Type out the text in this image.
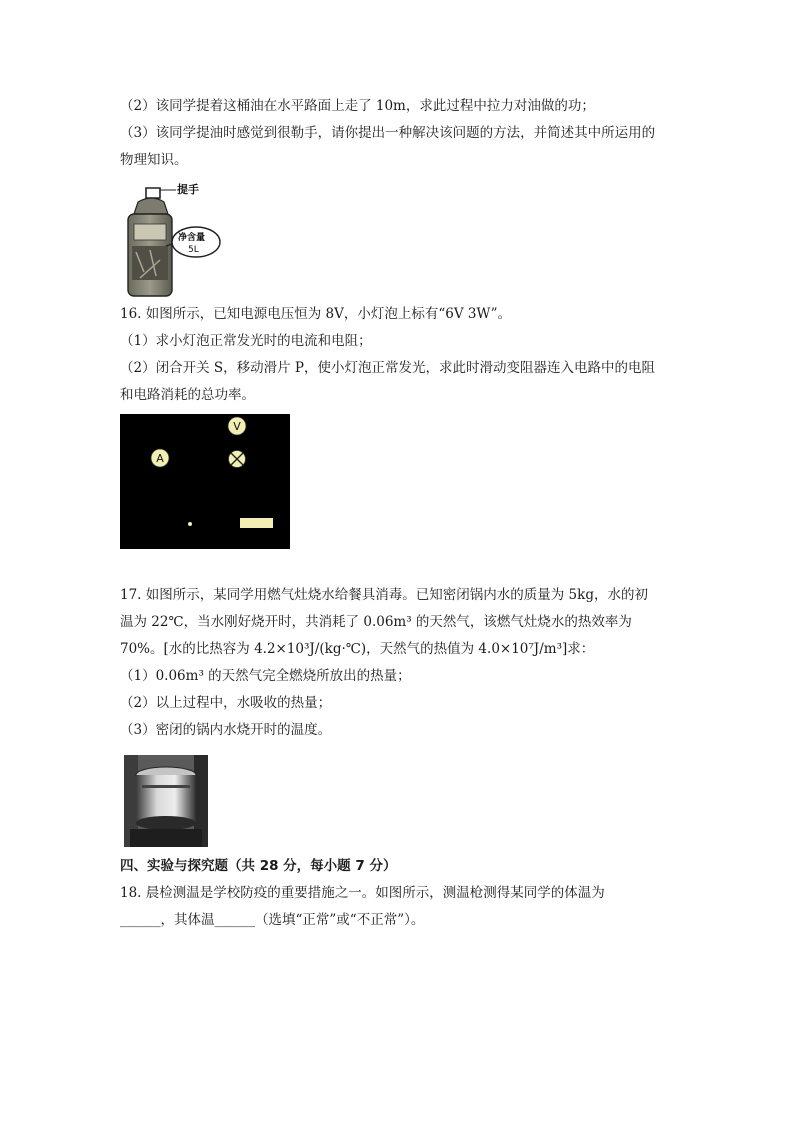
（2）该同学提着这桶油在水平路面上走了 10m，求此过程中拉力对油做的功；
（3）该同学提油时感觉到很勒手，请你提出一种解决该问题的方法，并简述其中所运用的
物理知识。
提手
净含量
5L
16. 如图所示，已知电源电压恒为 8V，小灯泡上标有“6V 3W”。
（1）求小灯泡正常发光时的电流和电阻；
（2）闭合开关 S，移动滑片 P，使小灯泡正常发光，求此时滑动变阻器连入电路中的电阻
和电路消耗的总功率。
V
A
17. 如图所示，某同学用燃气灶烧水给餐具消毒。已知密闭锅内水的质量为 5kg，水的初
温为 22℃，当水刚好烧开时，共消耗了 0.06m³ 的天然气，该燃气灶烧水的热效率为
70%。[水的比热容为 4.2×10³J/(kg·℃)，天然气的热值为 4.0×10⁷J/m³]求：
（1）0.06m³ 的天然气完全燃烧所放出的热量；
（2）以上过程中，水吸收的热量；
（3）密闭的锅内水烧开时的温度。
四、实验与探究题（共 28 分，每小题 7 分）
18. 晨检测温是学校防疫的重要措施之一。如图所示，测温枪测得某同学的体温为
______，其体温______（选填“正常”或“不正常”）。
